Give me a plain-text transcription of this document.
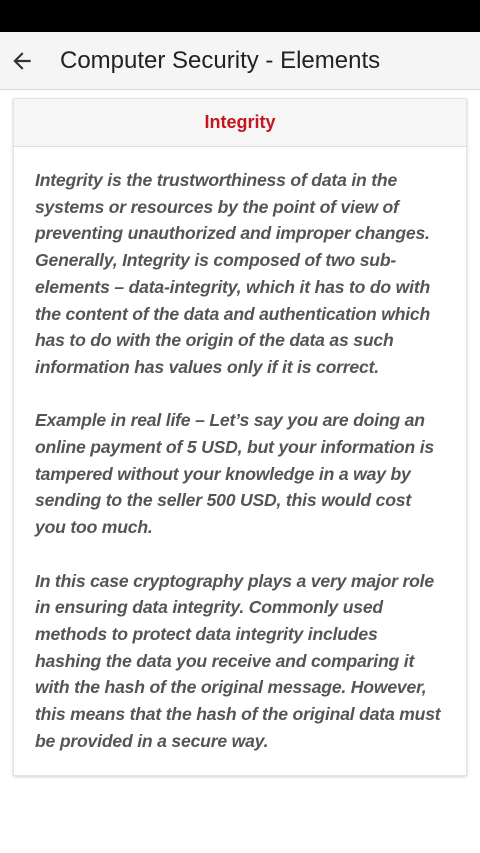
Computer Security - Elements
Integrity

Integrity is the trustworthiness of data in the systems or resources by the point of view of preventing unauthorized and improper changes. Generally, Integrity is composed of two sub-elements – data-integrity, which it has to do with the content of the data and authentication which has to do with the origin of the data as such information has values only if it is correct.

Example in real life – Let’s say you are doing an online payment of 5 USD, but your information is tampered without your knowledge in a way by sending to the seller 500 USD, this would cost you too much.

In this case cryptography plays a very major role in ensuring data integrity. Commonly used methods to protect data integrity includes hashing the data you receive and comparing it with the hash of the original message. However, this means that the hash of the original data must be provided in a secure way.
